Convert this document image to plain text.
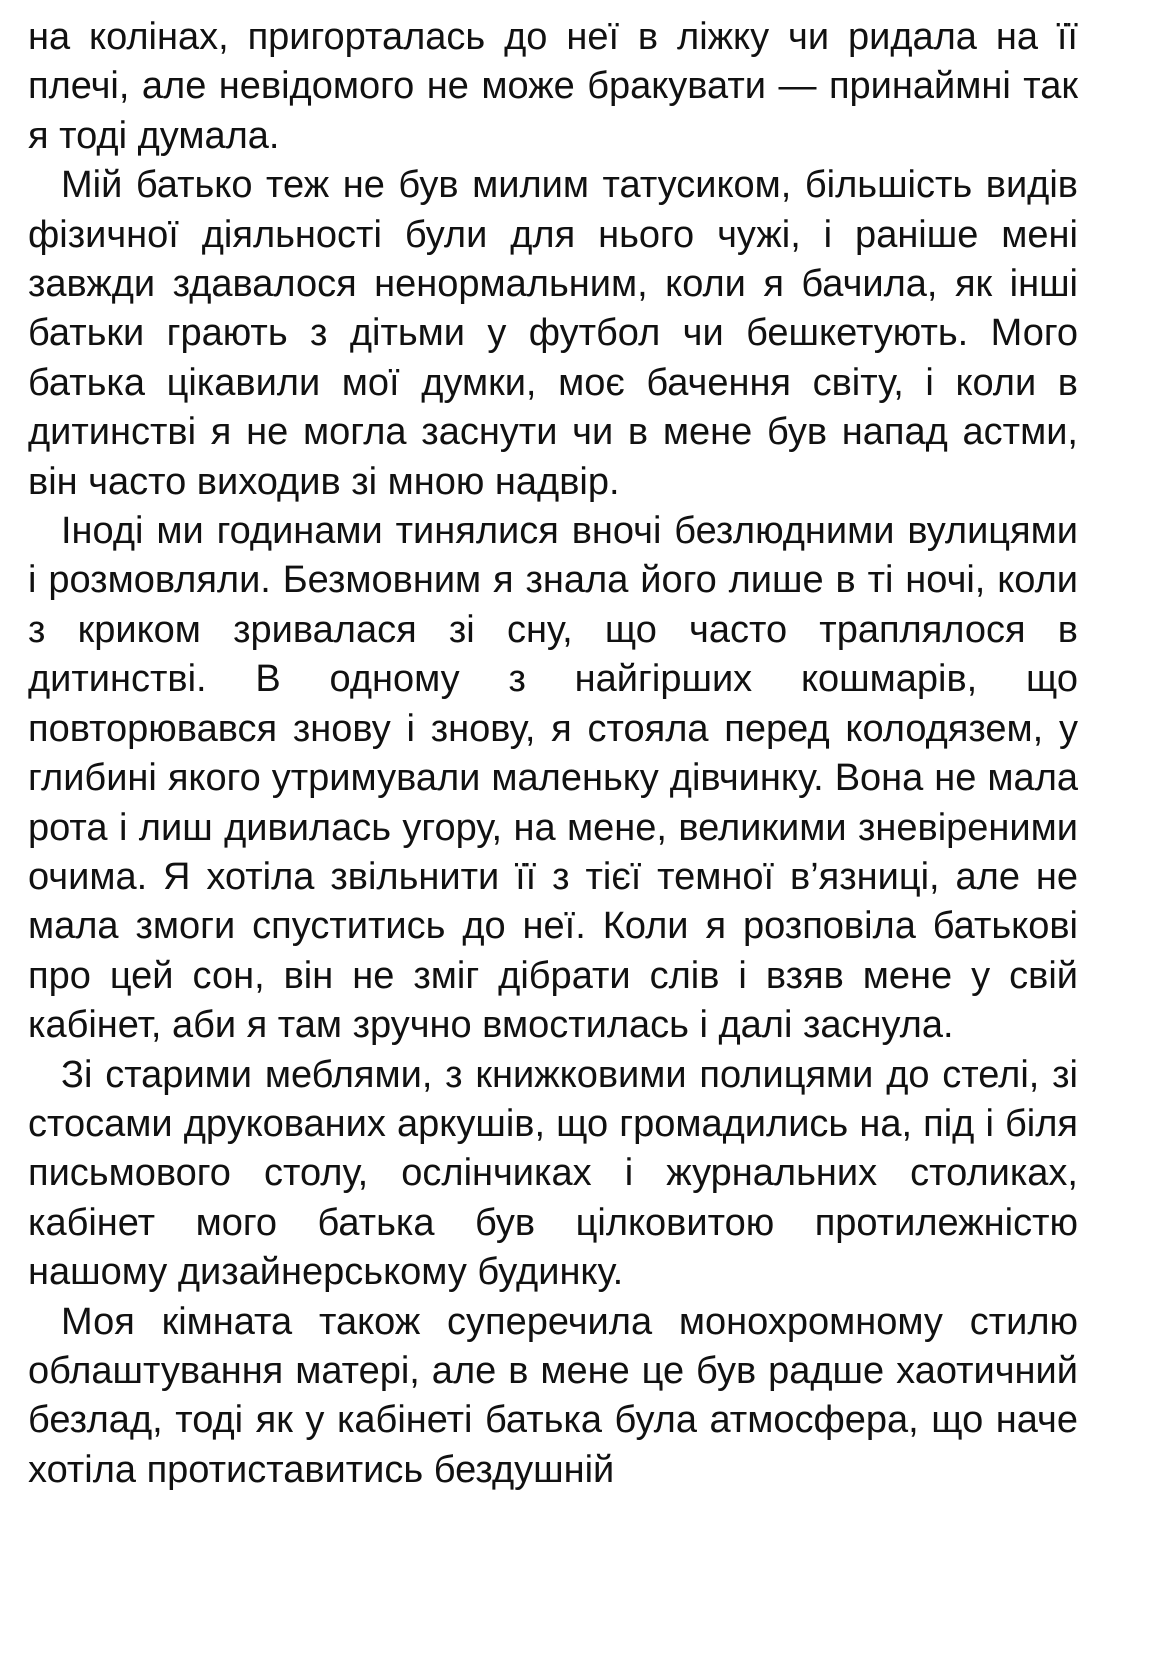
на колінах, пригорталась до неї в ліжку чи ридала на її плечі, але невідомого не може бракувати — принаймні так я тоді думала.

Мій батько теж не був милим татусиком, більшість видів фізичної діяльності були для нього чужі, і раніше мені завжди здавалося ненормальним, коли я бачила, як інші батьки грають з дітьми у футбол чи бешкетують. Мого батька цікавили мої думки, моє бачення світу, і коли в дитинстві я не могла заснути чи в мене був напад астми, він часто виходив зі мною надвір.

Іноді ми годинами тинялися вночі безлюдними вулицями і розмовляли. Безмовним я знала його лише в ті ночі, коли з криком зривалася зі сну, що часто траплялося в дитинстві. В одному з найгірших кошмарів, що повторювався знову і знову, я стояла перед колодязем, у глибині якого утримували маленьку дівчинку. Вона не мала рота і лиш дивилась угору, на мене, великими зневіреними очима. Я хотіла звільнити її з тієї темної в’язниці, але не мала змоги спуститись до неї. Коли я розповіла батькові про цей сон, він не зміг дібрати слів і взяв мене у свій кабінет, аби я там зручно вмостилась і далі заснула.

Зі старими меблями, з книжковими полицями до стелі, зі стосами друкованих аркушів, що громадились на, під і біля письмового столу, ослінчиках і журнальних столиках, кабінет мого батька був цілковитою протилежністю нашому дизайнерському будинку.

Моя кімната також суперечила монохромному стилю облаштування матері, але в мене це був радше хаотичний безлад, тоді як у кабінеті батька була атмосфера, що наче хотіла протиставитись бездушній
